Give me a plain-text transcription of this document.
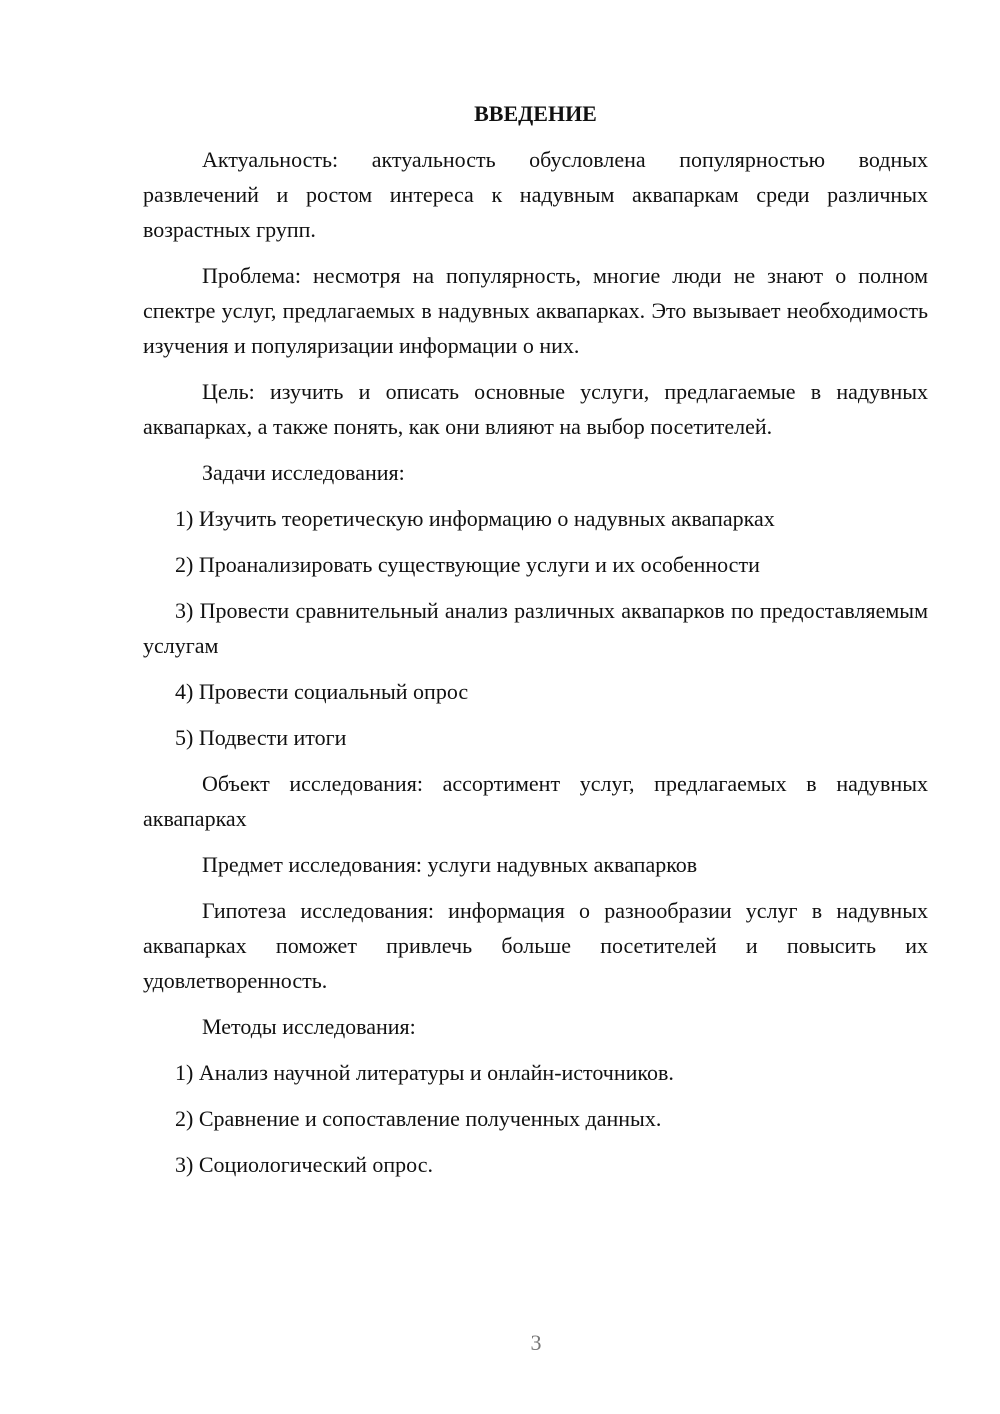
ВВЕДЕНИЕ

Актуальность: актуальность обусловлена популярностью водных развлечений и ростом интереса к надувным аквапаркам среди различных возрастных групп.

Проблема: несмотря на популярность, многие люди не знают о полном спектре услуг, предлагаемых в надувных аквапарках. Это вызывает необходимость изучения и популяризации информации о них.

Цель: изучить и описать основные услуги, предлагаемые в надувных аквапарках, а также понять, как они влияют на выбор посетителей.

Задачи исследования:

1) Изучить теоретическую информацию о надувных аквапарках
2) Проанализировать существующие услуги и их особенности
3) Провести сравнительный анализ различных аквапарков по предоставляемым услугам
4) Провести социальный опрос
5) Подвести итоги

Объект исследования: ассортимент услуг, предлагаемых в надувных аквапарках

Предмет исследования: услуги надувных аквапарков

Гипотеза исследования: информация о разнообразии услуг в надувных аквапарках поможет привлечь больше посетителей и повысить их удовлетворенность.

Методы исследования:

1) Анализ научной литературы и онлайн-источников.
2) Сравнение и сопоставление полученных данных.
3) Социологический опрос.
3
